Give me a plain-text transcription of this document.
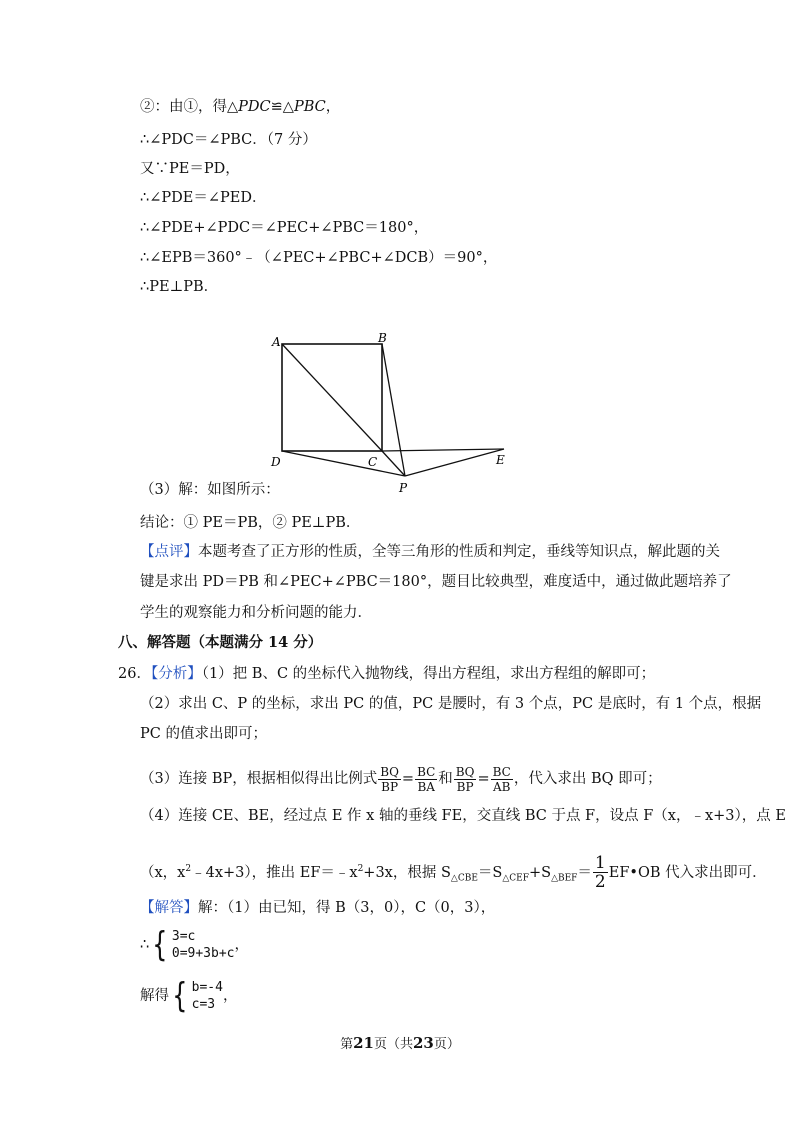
②：由①，得△PDC≌△PBC，
∴∠PDC＝∠PBC．（7 分）
又∵PE＝PD，
∴∠PDE＝∠PED．
∴∠PDE+∠PDC＝∠PEC+∠PBC＝180°，
∴∠EPB＝360°﹣（∠PEC+∠PBC+∠DCB）＝90°，
∴PE⊥PB．
A	B
C
D	E
P
（3）解：如图所示：
结论：① PE＝PB，② PE⊥PB．
【点评】本题考查了正方形的性质，全等三角形的性质和判定，垂线等知识点，解此题的关
键是求出 PD＝PB 和∠PEC+∠PBC＝180°，题目比较典型，难度适中，通过做此题培养了
学生的观察能力和分析问题的能力．
八、解答题（本题满分 14 分）
26．【分析】（1）把 B、C 的坐标代入抛物线，得出方程组，求出方程组的解即可；
（2）求出 C、P 的坐标，求出 PC 的值，PC 是腰时，有 3 个点，PC 是底时，有 1 个点，根据
PC 的值求出即可；
（3）连接 BP，根据相似得出比例式 $\frac{BQ}{BP} = \frac{BC}{BA}$ 和 $\frac{BQ}{BP} = \frac{BC}{AB}$ ，代入求出 BQ 即可；
（4）连接 CE、BE，经过点 E 作 x 轴的垂线 FE，交直线 BC 于点 F，设点 F（x，﹣x+3），点 E
（x，$x^2﹣4x+3$），推出 $EF=﹣x^2+3x$，根据 $S_{\triangle CBE}=S_{\triangle CEF}+S_{\triangle BEF}= \frac{1}{2}$ EF•OB 代入求出即可．
【解答】解：（1）由已知，得 B（3，0），C（0，3），
∴ { 3=c
0=9+3b+c
，
解得 { b=-4
c=3
，
第21页（共23页）
